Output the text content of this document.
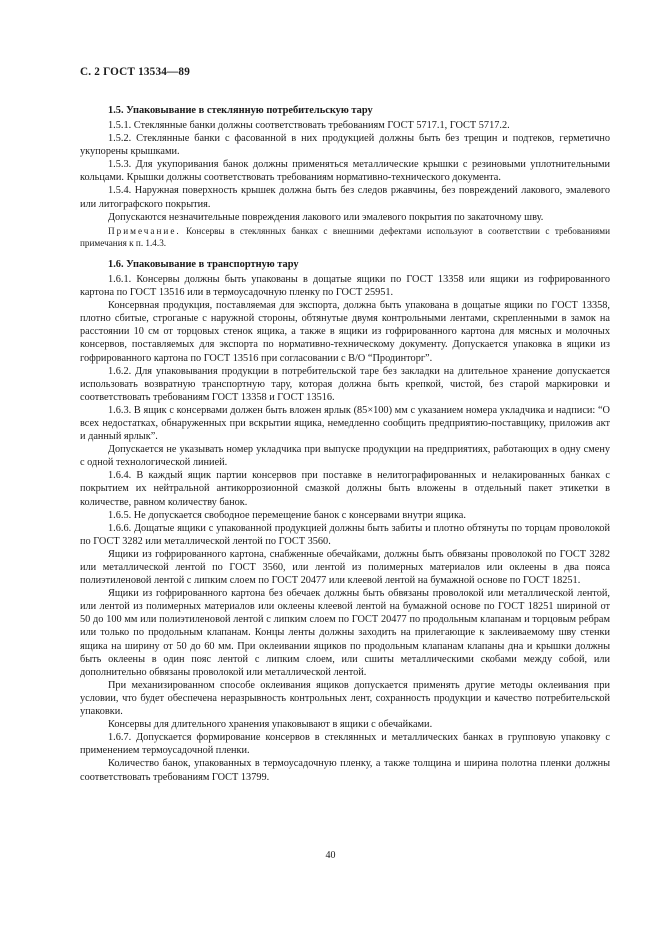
С. 2 ГОСТ 13534—89
1.5. Упаковывание в стеклянную потребительскую тару

1.5.1. Стеклянные банки должны соответствовать требованиям ГОСТ 5717.1, ГОСТ 5717.2.

1.5.2. Стеклянные банки с фасованной в них продукцией должны быть без трещин и подтеков, герметично укупорены крышками.

1.5.3. Для укупоривания банок должны применяться металлические крышки с резиновыми уплотнительными кольцами. Крышки должны соответствовать требованиям нормативно-технического документа.

1.5.4. Наружная поверхность крышек должна быть без следов ржавчины, без повреждений лакового, эмалевого или литографского покрытия.

Допускаются незначительные повреждения лакового или эмалевого покрытия по закаточному шву.

Примечание. Консервы в стеклянных банках с внешними дефектами используют в соответствии с требованиями примечания к п. 1.4.3.

1.6. Упаковывание в транспортную тару

1.6.1. Консервы должны быть упакованы в дощатые ящики по ГОСТ 13358 или ящики из гофрированного картона по ГОСТ 13516 или в термоусадочную пленку по ГОСТ 25951.

Консервная продукция, поставляемая для экспорта, должна быть упакована в дощатые ящики по ГОСТ 13358, плотно сбитые, строганые с наружной стороны, обтянутые двумя контрольными лентами, скрепленными в замок на расстоянии 10 см от торцовых стенок ящика, а также в ящики из гофрированного картона для мясных и молочных консервов, поставляемых для экспорта по нормативно-техническому документу. Допускается упаковка в ящики из гофрированного картона по ГОСТ 13516 при согласовании с В/О “Продинторг”.

1.6.2. Для упаковывания продукции в потребительской таре без закладки на длительное хранение допускается использовать возвратную транспортную тару, которая должна быть крепкой, чистой, без старой маркировки и соответствовать требованиям ГОСТ 13358 и ГОСТ 13516.

1.6.3. В ящик с консервами должен быть вложен ярлык (85×100) мм с указанием номера укладчика и надписи: “О всех недостатках, обнаруженных при вскрытии ящика, немедленно сообщить предприятию-поставщику, приложив акт и данный ярлык”.

Допускается не указывать номер укладчика при выпуске продукции на предприятиях, работающих в одну смену с одной технологической линией.

1.6.4. В каждый ящик партии консервов при поставке в нелитографированных и нелакированных банках с покрытием их нейтральной антикоррозионной смазкой должны быть вложены в отдельный пакет этикетки в количестве, равном количеству банок.

1.6.5. Не допускается свободное перемещение банок с консервами внутри ящика.

1.6.6. Дощатые ящики с упакованной продукцией должны быть забиты и плотно обтянуты по торцам проволокой по ГОСТ 3282 или металлической лентой по ГОСТ 3560.

Ящики из гофрированного картона, снабженные обечайками, должны быть обвязаны проволокой по ГОСТ 3282 или металлической лентой по ГОСТ 3560, или лентой из полимерных материалов или оклеены в два пояса полиэтиленовой лентой с липким слоем по ГОСТ 20477 или клеевой лентой на бумажной основе по ГОСТ 18251.

Ящики из гофрированного картона без обечаек должны быть обвязаны проволокой или металлической лентой, или лентой из полимерных материалов или оклеены клеевой лентой на бумажной основе по ГОСТ 18251 шириной от 50 до 100 мм или полиэтиленовой лентой с липким слоем по ГОСТ 20477 по продольным клапанам и торцовым ребрам или только по продольным клапанам. Концы ленты должны заходить на прилегающие к заклеиваемому шву стенки ящика на ширину от 50 до 60 мм. При оклеивании ящиков по продольным клапанам клапаны дна и крышки должны быть оклеены в один пояс лентой с липким слоем, или сшиты металлическими скобами между собой, или дополнительно обвязаны проволокой или металлической лентой.

При механизированном способе оклеивания ящиков допускается применять другие методы оклеивания при условии, что будет обеспечена неразрывность контрольных лент, сохранность продукции и качество потребительской упаковки.

Консервы для длительного хранения упаковывают в ящики с обечайками.

1.6.7. Допускается формирование консервов в стеклянных и металлических банках в групповую упаковку с применением термоусадочной пленки.

Количество банок, упакованных в термоусадочную пленку, а также толщина и ширина полотна пленки должны соответствовать требованиям ГОСТ 13799.

40
